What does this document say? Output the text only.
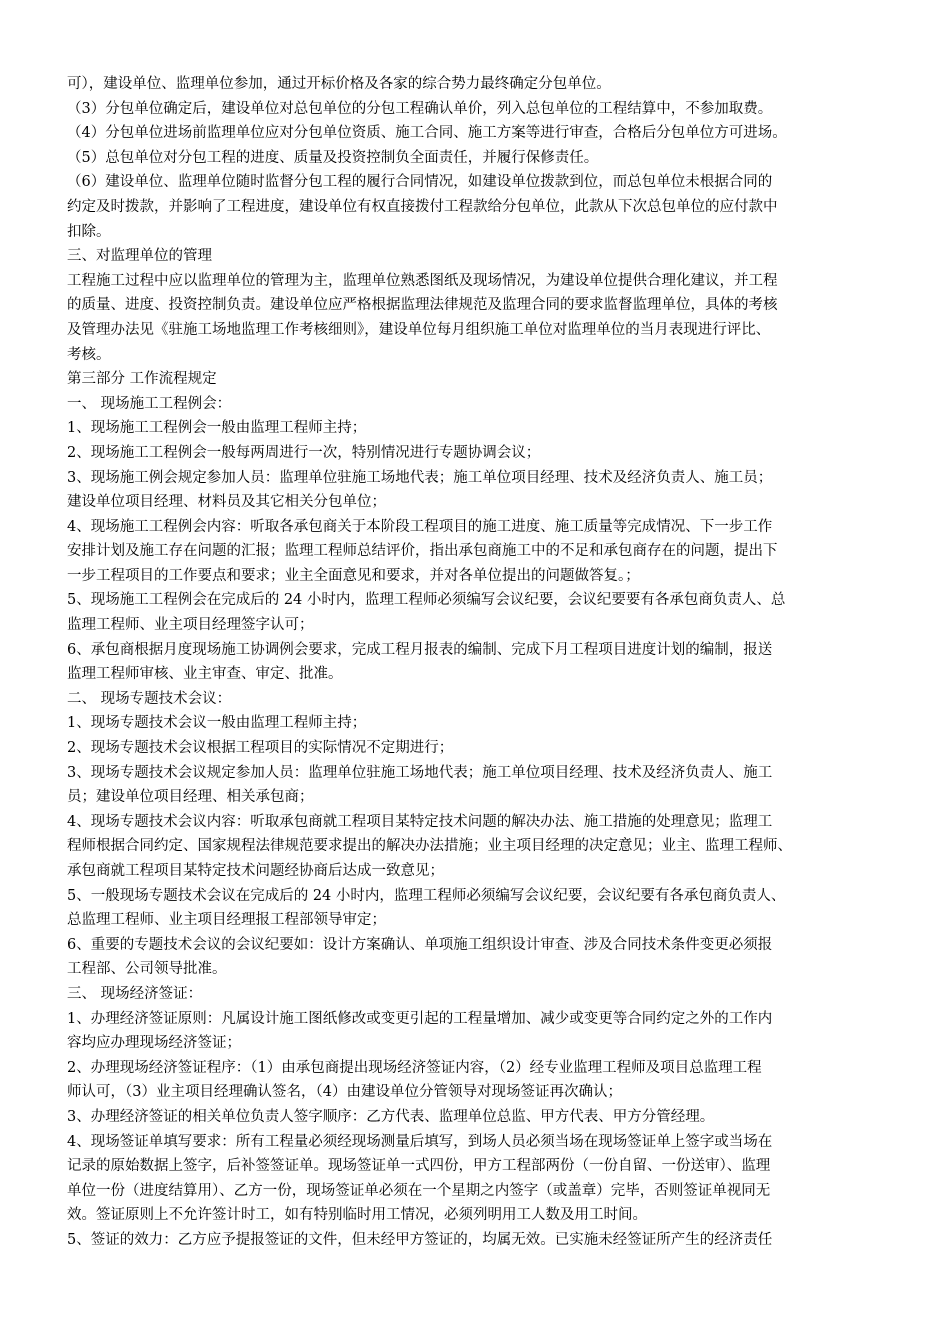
可），建设单位、监理单位参加，通过开标价格及各家的综合势力最终确定分包单位。
（3）分包单位确定后，建设单位对总包单位的分包工程确认单价，列入总包单位的工程结算中，不参加取费。
（4）分包单位进场前监理单位应对分包单位资质、施工合同、施工方案等进行审查，合格后分包单位方可进场。
（5）总包单位对分包工程的进度、质量及投资控制负全面责任，并履行保修责任。
（6）建设单位、监理单位随时监督分包工程的履行合同情况，如建设单位拨款到位，而总包单位未根据合同的
约定及时拨款，并影响了工程进度，建设单位有权直接拨付工程款给分包单位，此款从下次总包单位的应付款中
扣除。
三、对监理单位的管理
工程施工过程中应以监理单位的管理为主，监理单位熟悉图纸及现场情况，为建设单位提供合理化建议，并工程
的质量、进度、投资控制负责。建设单位应严格根据监理法律规范及监理合同的要求监督监理单位，具体的考核
及管理办法见《驻施工场地监理工作考核细则》，建设单位每月组织施工单位对监理单位的当月表现进行评比、
考核。
第三部分 工作流程规定
一、 现场施工工程例会：
1、现场施工工程例会一般由监理工程师主持；
2、现场施工工程例会一般每两周进行一次，特别情况进行专题协调会议；
3、现场施工例会规定参加人员：监理单位驻施工场地代表；施工单位项目经理、技术及经济负责人、施工员；
建设单位项目经理、材料员及其它相关分包单位；
4、现场施工工程例会内容：听取各承包商关于本阶段工程项目的施工进度、施工质量等完成情况、下一步工作
安排计划及施工存在问题的汇报；监理工程师总结评价，指出承包商施工中的不足和承包商存在的问题，提出下
一步工程项目的工作要点和要求；业主全面意见和要求，并对各单位提出的问题做答复。；
5、现场施工工程例会在完成后的 24 小时内，监理工程师必须编写会议纪要，会议纪要要有各承包商负责人、总
监理工程师、业主项目经理签字认可；
6、承包商根据月度现场施工协调例会要求，完成工程月报表的编制、完成下月工程项目进度计划的编制，报送
监理工程师审核、业主审查、审定、批准。
二、 现场专题技术会议：
1、现场专题技术会议一般由监理工程师主持；
2、现场专题技术会议根据工程项目的实际情况不定期进行；
3、现场专题技术会议规定参加人员：监理单位驻施工场地代表；施工单位项目经理、技术及经济负责人、施工
员；建设单位项目经理、相关承包商；
4、现场专题技术会议内容：听取承包商就工程项目某特定技术问题的解决办法、施工措施的处理意见；监理工
程师根据合同约定、国家规程法律规范要求提出的解决办法措施；业主项目经理的决定意见；业主、监理工程师、
承包商就工程项目某特定技术问题经协商后达成一致意见；
5、一般现场专题技术会议在完成后的 24 小时内，监理工程师必须编写会议纪要，会议纪要有各承包商负责人、
总监理工程师、业主项目经理报工程部领导审定；
6、重要的专题技术会议的会议纪要如：设计方案确认、单项施工组织设计审查、涉及合同技术条件变更必须报
工程部、公司领导批准。
三、 现场经济签证：
1、办理经济签证原则：凡属设计施工图纸修改或变更引起的工程量增加、减少或变更等合同约定之外的工作内
容均应办理现场经济签证；
2、办理现场经济签证程序：（1）由承包商提出现场经济签证内容，（2）经专业监理工程师及项目总监理工程
师认可，（3）业主项目经理确认签名，（4）由建设单位分管领导对现场签证再次确认；
3、办理经济签证的相关单位负责人签字顺序：乙方代表、监理单位总监、甲方代表、甲方分管经理。
4、现场签证单填写要求：所有工程量必须经现场测量后填写，到场人员必须当场在现场签证单上签字或当场在
记录的原始数据上签字，后补签签证单。现场签证单一式四份，甲方工程部两份（一份自留、一份送审）、监理
单位一份（进度结算用）、乙方一份，现场签证单必须在一个星期之内签字（或盖章）完毕，否则签证单视同无
效。签证原则上不允许签计时工，如有特别临时用工情况，必须列明用工人数及用工时间。
5、签证的效力：乙方应予提报签证的文件，但未经甲方签证的，均属无效。已实施未经签证所产生的经济责任
